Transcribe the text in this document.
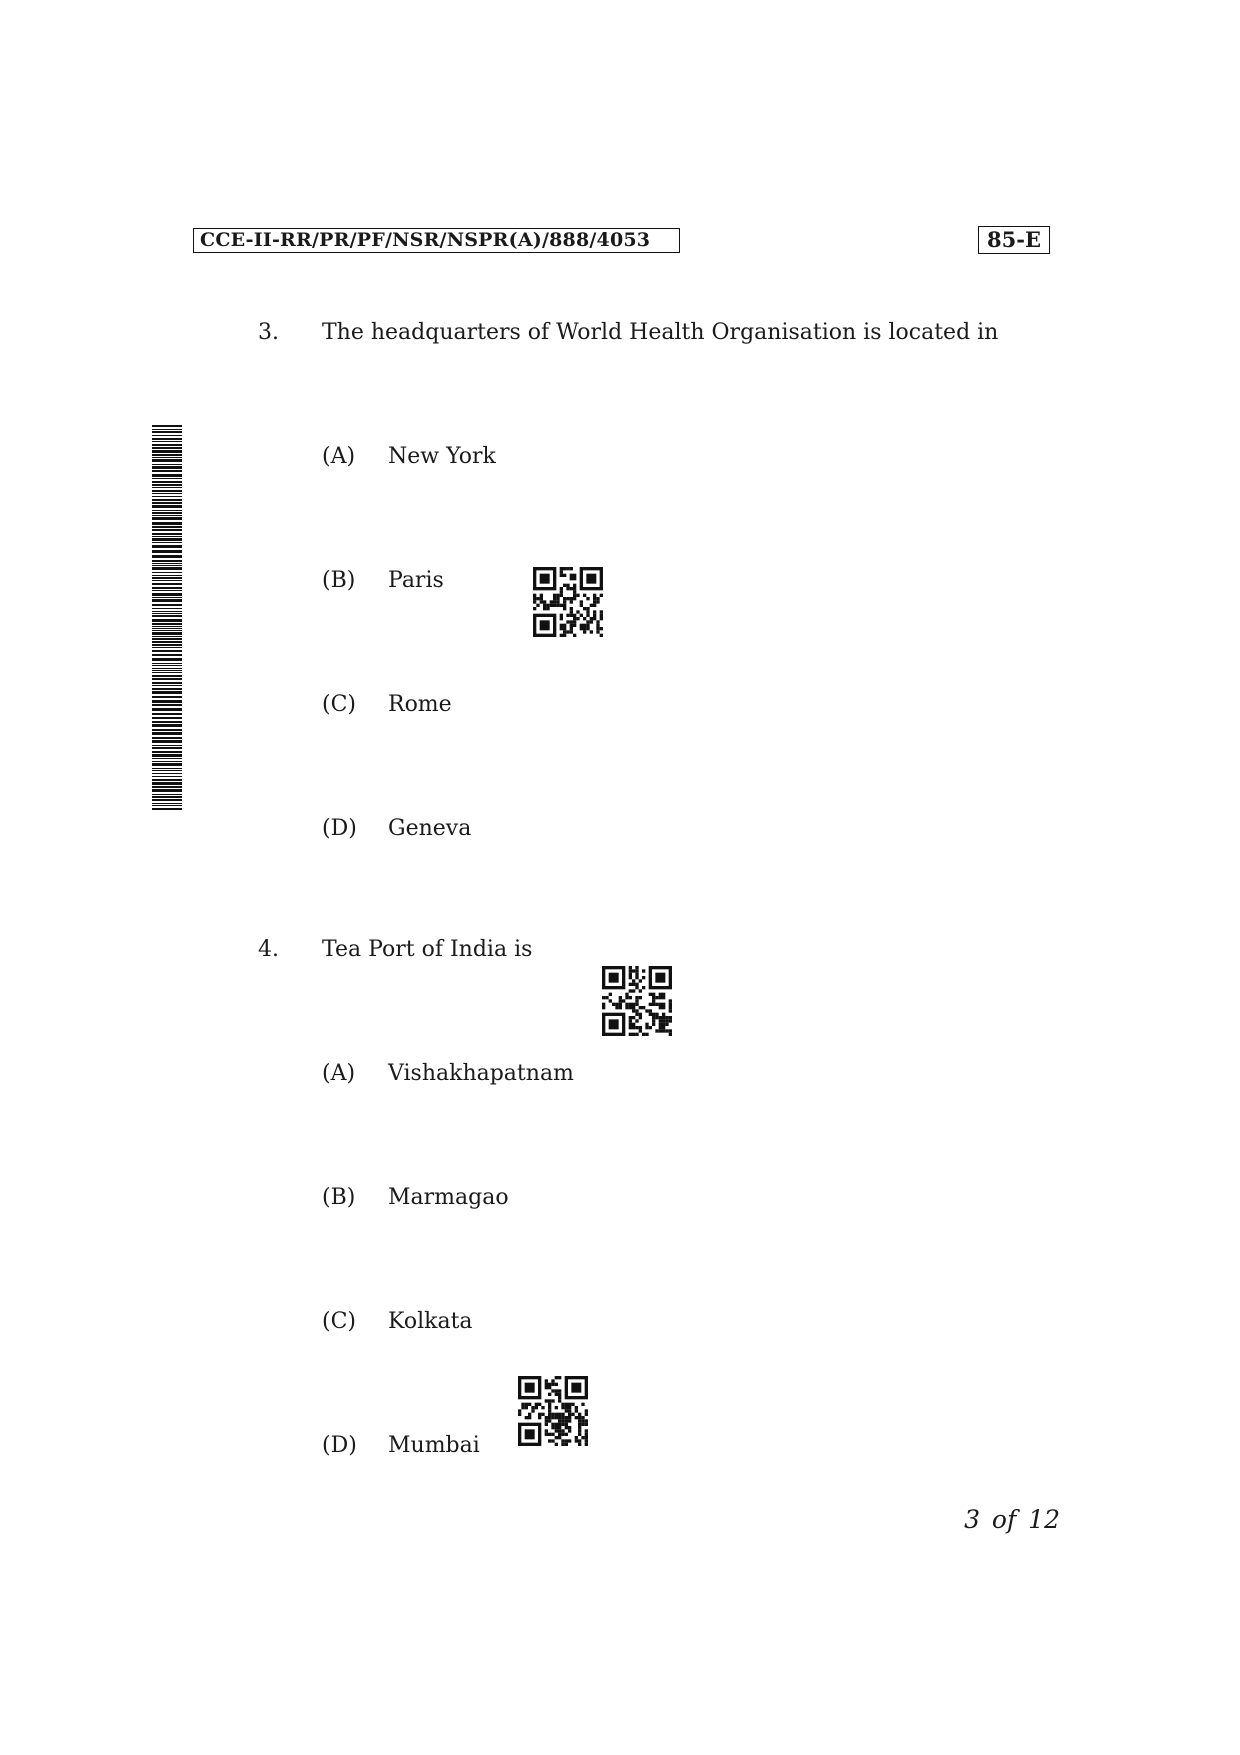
CCE-II-RR/PR/PF/NSR/NSPR(A)/888/4053	85-E
3. The headquarters of World Health Organisation is located in
(A) New York
(B) Paris
(C) Rome
(D) Geneva
4. Tea Port of India is
(A) Vishakhapatnam
(B) Marmagao
(C) Kolkata
(D) Mumbai
3 of 12
